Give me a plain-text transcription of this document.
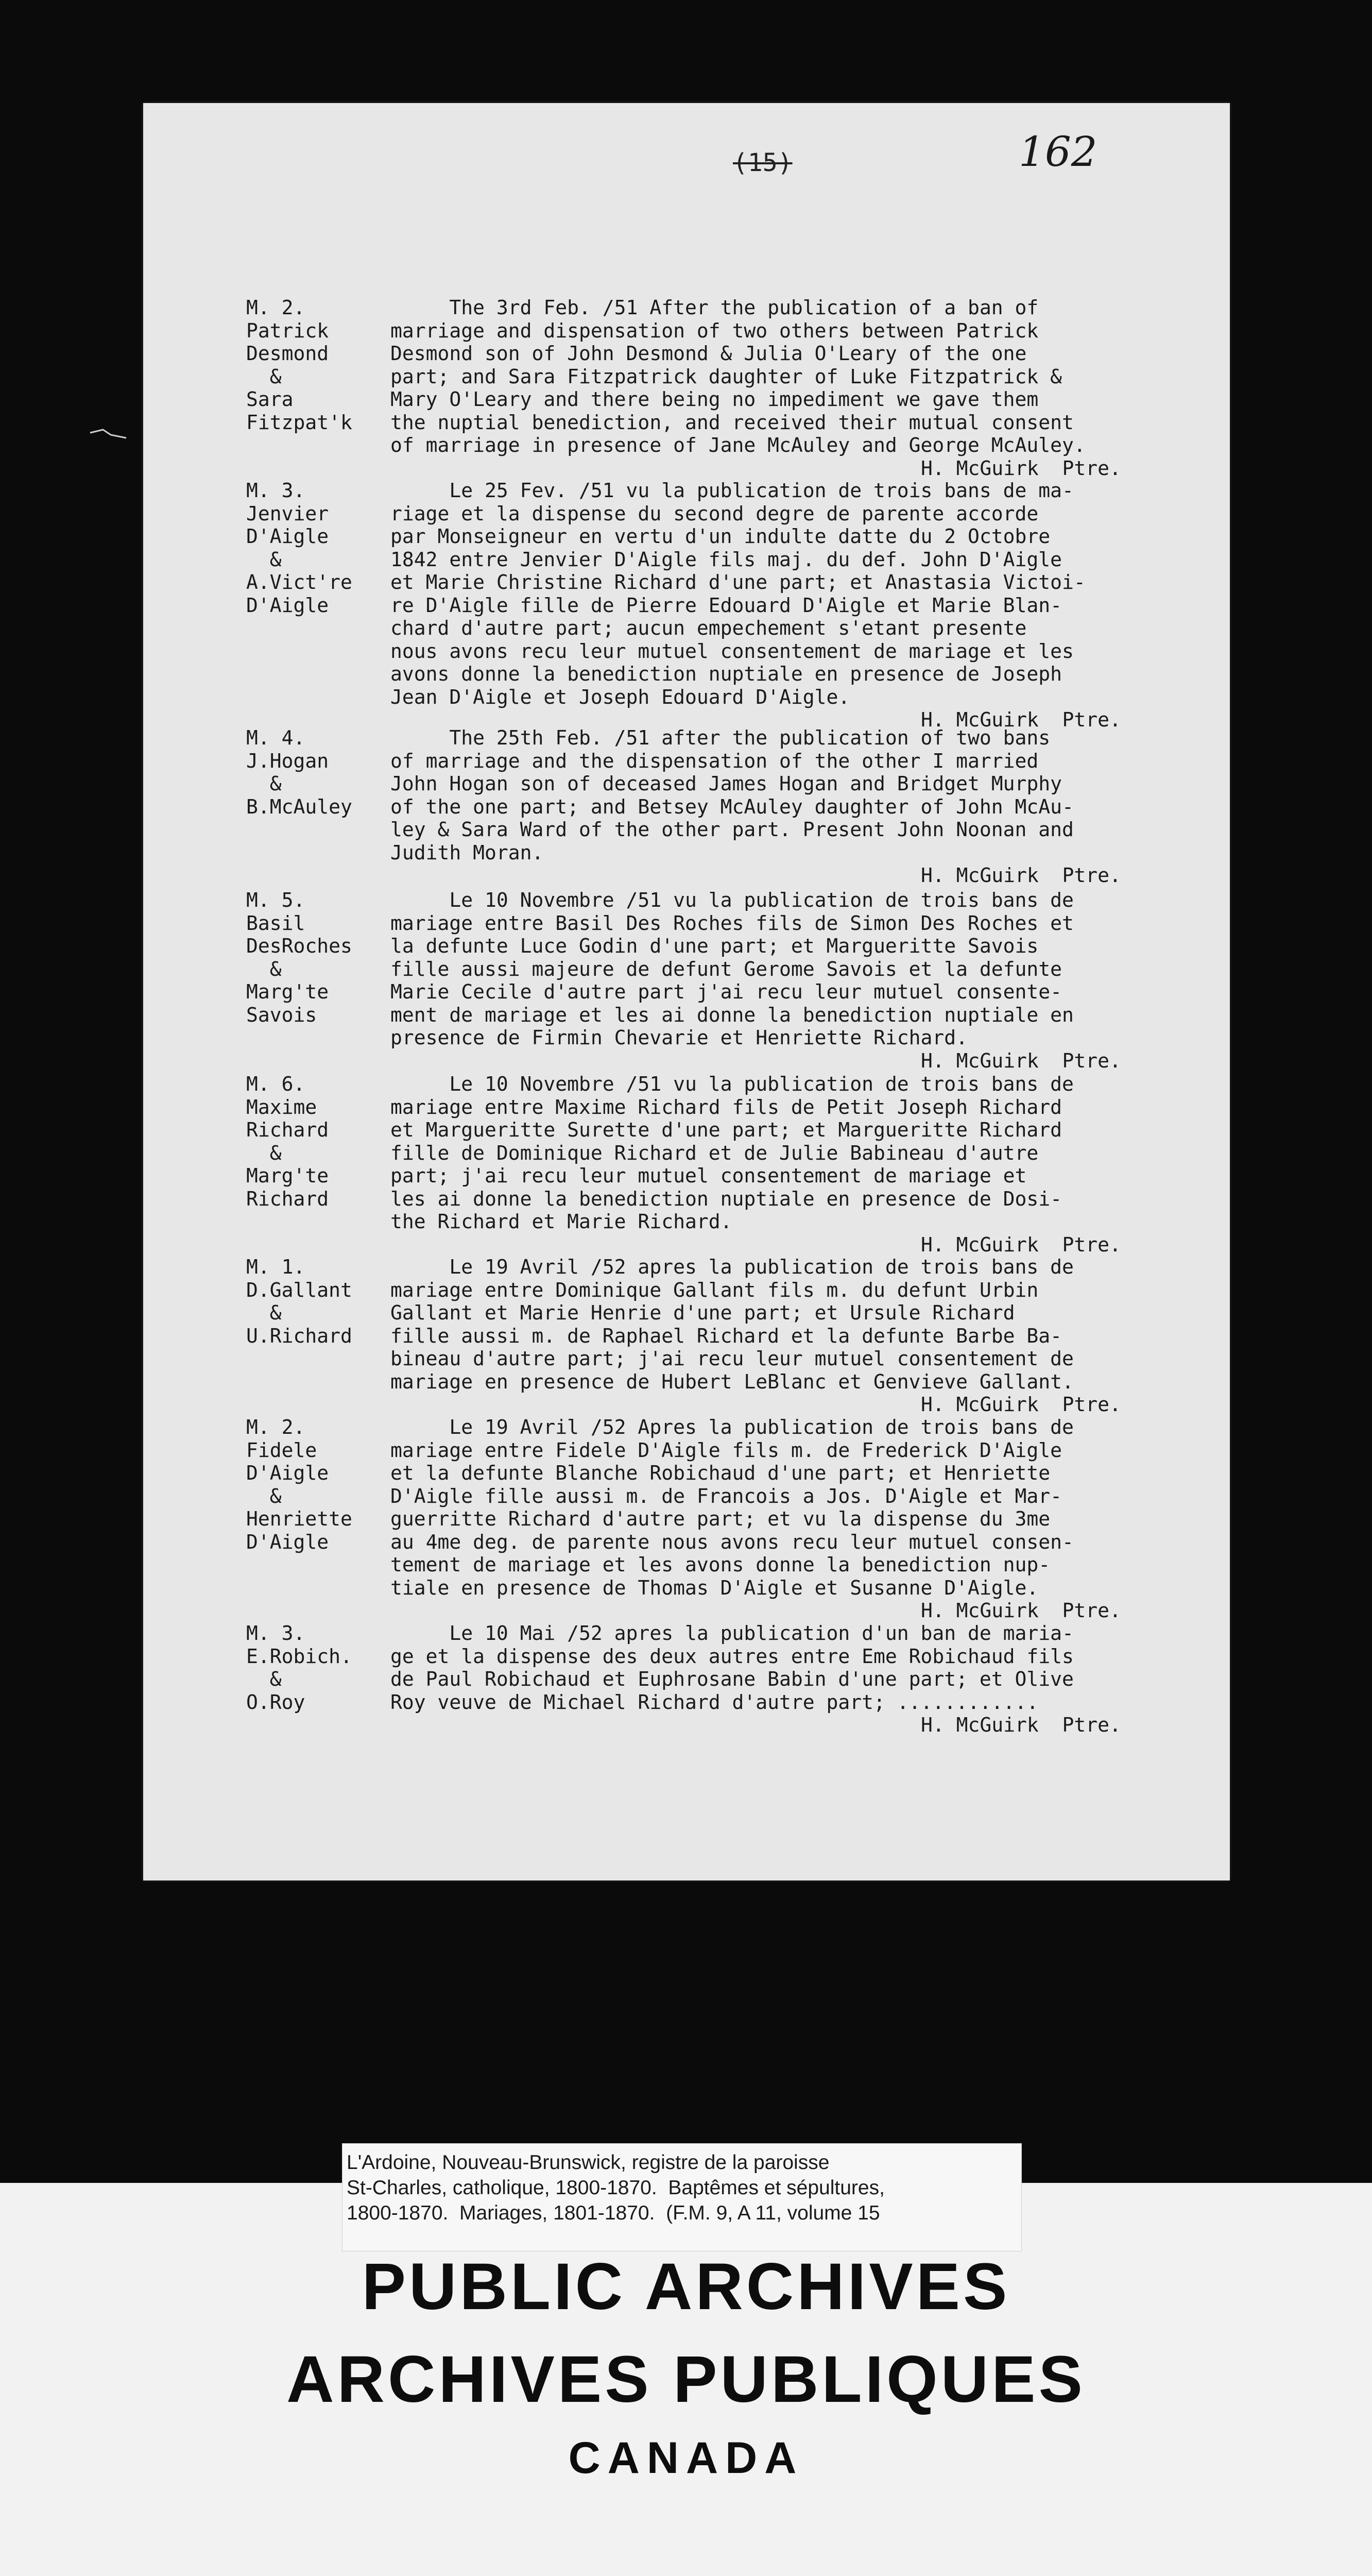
(15)	162
M. 2.
Patrick
Desmond
&
Sara
Fitzpat'k
The 3rd Feb. /51 After the publication of a ban of
marriage and dispensation of two others between Patrick
Desmond son of John Desmond & Julia O'Leary of the one
part; and Sara Fitzpatrick daughter of Luke Fitzpatrick &
Mary O'Leary and there being no impediment we gave them
the nuptial benediction, and received their mutual consent
of marriage in presence of Jane McAuley and George McAuley.
H. McGuirk  Ptre.
M. 3.
Jenvier
D'Aigle
&
A.Vict're
D'Aigle
Le 25 Fev. /51 vu la publication de trois bans de ma-
riage et la dispense du second degre de parente accorde
par Monseigneur en vertu d'un indulte datte du 2 Octobre
1842 entre Jenvier D'Aigle fils maj. du def. John D'Aigle
et Marie Christine Richard d'une part; et Anastasia Victoi-
re D'Aigle fille de Pierre Edouard D'Aigle et Marie Blan-
chard d'autre part; aucun empechement s'etant presente
nous avons recu leur mutuel consentement de mariage et les
avons donne la benediction nuptiale en presence de Joseph
Jean D'Aigle et Joseph Edouard D'Aigle.
H. McGuirk  Ptre.
M. 4.
J.Hogan
&
B.McAuley
The 25th Feb. /51 after the publication of two bans
of marriage and the dispensation of the other I married
John Hogan son of deceased James Hogan and Bridget Murphy
of the one part; and Betsey McAuley daughter of John McAu-
ley & Sara Ward of the other part. Present John Noonan and
Judith Moran.
H. McGuirk  Ptre.
M. 5.
Basil
DesRoches
&
Marg'te
Savois
Le 10 Novembre /51 vu la publication de trois bans de
mariage entre Basil Des Roches fils de Simon Des Roches et
la defunte Luce Godin d'une part; et Margueritte Savois
fille aussi majeure de defunt Gerome Savois et la defunte
Marie Cecile d'autre part j'ai recu leur mutuel consente-
ment de mariage et les ai donne la benediction nuptiale en
presence de Firmin Chevarie et Henriette Richard.
H. McGuirk  Ptre.
M. 6.
Maxime
Richard
&
Marg'te
Richard
Le 10 Novembre /51 vu la publication de trois bans de
mariage entre Maxime Richard fils de Petit Joseph Richard
et Margueritte Surette d'une part; et Margueritte Richard
fille de Dominique Richard et de Julie Babineau d'autre
part; j'ai recu leur mutuel consentement de mariage et
les ai donne la benediction nuptiale en presence de Dosi-
the Richard et Marie Richard.
H. McGuirk  Ptre.
M. 1.
D.Gallant
&
U.Richard
Le 19 Avril /52 apres la publication de trois bans de
mariage entre Dominique Gallant fils m. du defunt Urbin
Gallant et Marie Henrie d'une part; et Ursule Richard
fille aussi m. de Raphael Richard et la defunte Barbe Ba-
bineau d'autre part; j'ai recu leur mutuel consentement de
mariage en presence de Hubert LeBlanc et Genvieve Gallant.
H. McGuirk  Ptre.
M. 2.
Fidele
D'Aigle
&
Henriette
D'Aigle
Le 19 Avril /52 Apres la publication de trois bans de
mariage entre Fidele D'Aigle fils m. de Frederick D'Aigle
et la defunte Blanche Robichaud d'une part; et Henriette
D'Aigle fille aussi m. de Francois a Jos. D'Aigle et Mar-
guerritte Richard d'autre part; et vu la dispense du 3me
au 4me deg. de parente nous avons recu leur mutuel consen-
tement de mariage et les avons donne la benediction nup-
tiale en presence de Thomas D'Aigle et Susanne D'Aigle.
H. McGuirk  Ptre.
M. 3.
E.Robich.
&
O.Roy
Le 10 Mai /52 apres la publication d'un ban de maria-
ge et la dispense des deux autres entre Eme Robichaud fils
de Paul Robichaud et Euphrosane Babin d'une part; et Olive
Roy veuve de Michael Richard d'autre part; ............
H. McGuirk  Ptre.
L'Ardoine, Nouveau-Brunswick, registre de la paroisse
St-Charles, catholique, 1800-1870.  Baptêmes et sépultures,
1800-1870.  Mariages, 1801-1870.  (F.M. 9, A 11, volume 15
PUBLIC ARCHIVES
ARCHIVES PUBLIQUES
CANADA
